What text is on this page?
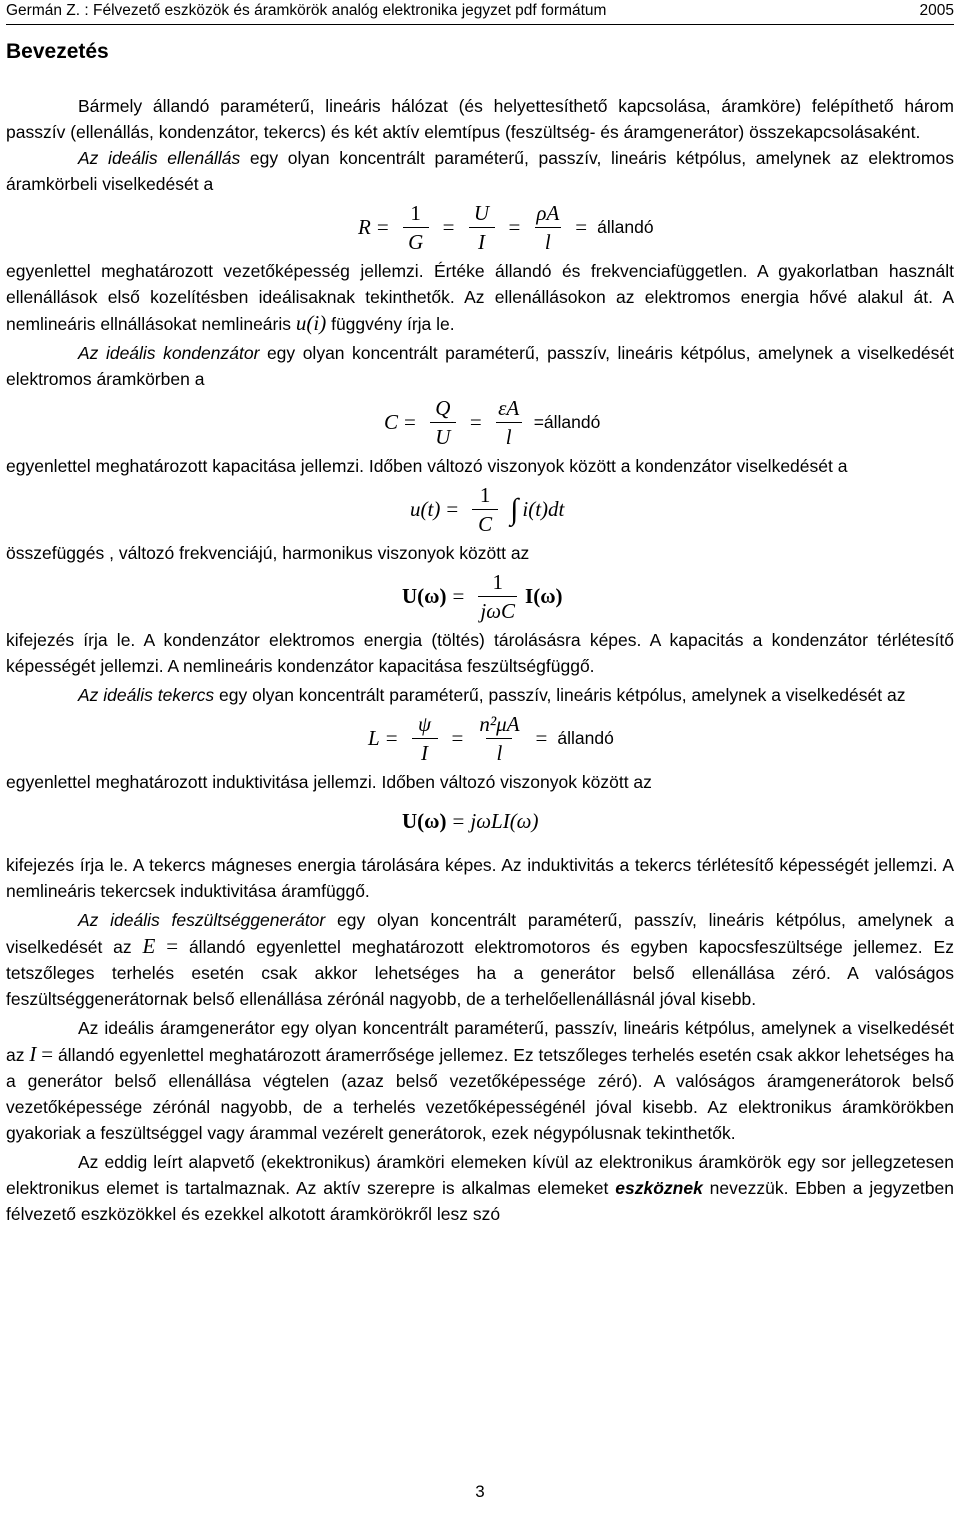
Germán Z. : Félvezető eszközök és áramkörök analóg elektronika jegyzet pdf formátum	2005
Bevezetés

Bármely állandó paraméterű, lineáris hálózat (és helyettesíthető kapcsolása, áramköre) felépíthető három passzív (ellenállás, kondenzátor, tekercs) és két aktív elemtípus (feszültség- és áramgenerátor) összekapcsolásaként.

Az ideális ellenállás egy olyan koncentrált paraméterű, passzív, lineáris kétpólus, amelynek az elektromos áramkörbeli viselkedését a

$R = \frac{1}{G} = \frac{U}{I} = \frac{\rho A}{l}$ = állandó

egyenlettel meghatározott vezetőképesség jellemzi. Értéke állandó és frekvenciafüggetlen. A gyakorlatban használt ellenállások első kozelítésben ideálisaknak tekinthetők. Az ellenállásokon az elektromos energia hővé alakul át. A nemlineáris ellnállásokat nemlineáris u(i) függvény írja le.

Az ideális kondenzátor egy olyan koncentrált paraméterű, passzív, lineáris kétpólus, amelynek a viselkedését elektromos áramkörben a

$C = \frac{Q}{U} = \frac{\varepsilon A}{l}$ =állandó

egyenlettel meghatározott kapacitása jellemzi. Időben változó viszonyok között a kondenzátor viselkedését a

$u(t) = \frac{1}{C}$ ∫ i(t)dt

összefüggés , változó frekvenciájú, harmonikus viszonyok között az

$U(\omega) = \frac{1}{\text{jωC}} I(\omega)$

kifejezés írja le. A kondenzátor elektromos energia (töltés) tárolásásra képes. A kapacitás a kondenzátor térlétesítő képességét jellemzi. A nemlineáris kondenzátor kapacitása feszültségfüggő.

Az ideális tekercs egy olyan koncentrált paraméterű, passzív, lineáris kétpólus, amelynek a viselkedését az

$L = \frac{\psi}{I} = \frac{\text{n²μA}}{l}$ = állandó

egyenlettel meghatározott induktivitása jellemzi. Időben változó viszonyok között az

U(ω) = jωLI(ω)

kifejezés írja le. A tekercs mágneses energia tárolására képes. Az induktivitás a tekercs térlétesítő képességét jellemzi. A nemlineáris tekercsek induktivitása áramfüggő.

Az ideális feszültséggenerátor egy olyan koncentrált paraméterű, passzív, lineáris kétpólus, amelynek a viselkedését az E = állandó egyenlettel meghatározott elektromotoros és egyben kapocsfeszültsége jellemez. Ez tetszőleges terhelés esetén csak akkor lehetséges ha a generátor belső ellenállása zéró. A valóságos feszültséggenerátornak belső ellenállása zérónál nagyobb, de a terhelőellenállásnál jóval kisebb.

Az ideális áramgenerátor egy olyan koncentrált paraméterű, passzív, lineáris kétpólus, amelynek a viselkedését az I = állandó egyenlettel meghatározott áramerrősége jellemez. Ez tetszőleges terhelés esetén csak akkor lehetséges ha a generátor belső ellenállása végtelen (azaz belső vezetőképessége zéró). A valóságos áramgenerátorok belső vezetőképessége zérónál nagyobb, de a terhelés vezetőképességénél jóval kisebb. Az elektronikus áramkörökben gyakoriak a feszültséggel vagy árammal vezérelt generátorok, ezek négypólusnak tekinthetők.

Az eddig leírt alapvető (ekektronikus) áramköri elemeken kívül az elektronikus áramkörök egy sor jellegzetesen elektronikus elemet is tartalmaznak. Az aktív szerepre is alkalmas elemeket eszköznek nevezzük. Ebben a jegyzetben félvezető eszközökkel és ezekkel alkotott áramkörökről lesz szó

3
